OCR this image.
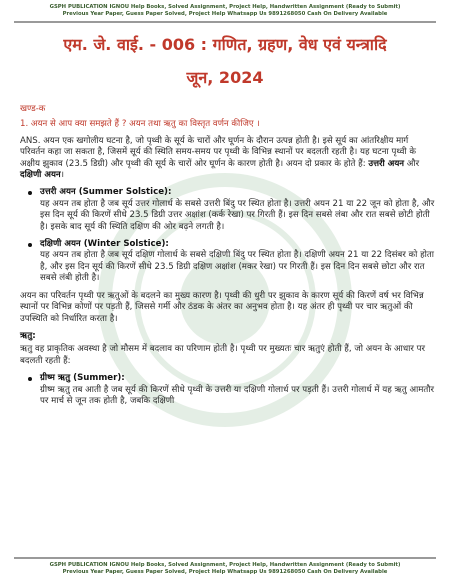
GSPH PUBLICATION IGNOU Help Books, Solved Assignment, Project Help, Handwritten Assignment (Ready to Submit)
Previous Year Paper, Guess Paper Solved, Project Help Whatsapp Us 9891268050 Cash On Delivery Available
एम. जे. वाई. - 006 : गणित, ग्रहण, वेध एवं यन्त्रादि
जून, 2024

खण्ड-क

1. अयन से आप क्या समझते हैं ? अयन तथा ऋतु का विस्तृत वर्णन कीजिए ।

ANS. अयन एक खगोलीय घटना है, जो पृथ्वी के सूर्य के चारों और घूर्णन के दौरान उत्पन्न होती है। इसे सूर्य का आंतरिक्षीय मार्ग परिवर्तन कहा जा सकता है, जिसमें सूर्य की स्थिति समय-समय पर पृथ्वी के विभिन्न स्थानों पर बदलती रहती है। यह घटना पृथ्वी के अक्षीय झुकाव (23.5 डिग्री) और पृथ्वी की सूर्य के चारों ओर घूर्णन के कारण होती है। अयन दो प्रकार के होते हैं: उत्तरी अयन और दक्षिणी अयन।

उत्तरी अयन (Summer Solstice):
यह अयन तब होता है जब सूर्य उत्तर गोलार्ध के सबसे उत्तरी बिंदु पर स्थित होता है। उत्तरी अयन 21 या 22 जून को होता है, और इस दिन सूर्य की किरणें सीधे 23.5 डिग्री उत्तर अक्षांश (कर्क रेखा) पर गिरती हैं। इस दिन सबसे लंबा और रात सबसे छोटी होती है। इसके बाद सूर्य की स्थिति दक्षिण की ओर बढ़ने लगती है।
दक्षिणी अयन (Winter Solstice):
यह अयन तब होता है जब सूर्य दक्षिण गोलार्ध के सबसे दक्षिणी बिंदु पर स्थित होता है। दक्षिणी अयन 21 या 22 दिसंबर को होता है, और इस दिन सूर्य की किरणें सीधे 23.5 डिग्री दक्षिण अक्षांश (मकर रेखा) पर गिरती हैं। इस दिन दिन सबसे छोटा और रात सबसे लंबी होती है।

अयन का परिवर्तन पृथ्वी पर ऋतुओं के बदलने का मुख्य कारण है। पृथ्वी की धुरी पर झुकाव के कारण सूर्य की किरणें वर्ष भर विभिन्न स्थानों पर विभिन्न कोणों पर पड़ती हैं, जिससे गर्मी और ठंडक के अंतर का अनुभव होता है। यह अंतर ही पृथ्वी पर चार ऋतुओं की उपस्थिति को निर्धारित करता है।

ऋतु:

ऋतु वह प्राकृतिक अवस्था है जो मौसम में बदलाव का परिणाम होती है। पृथ्वी पर मुख्यतः चार ऋतुएं होती हैं, जो अयन के आधार पर बदलती रहती हैं:

ग्रीष्म ऋतु (Summer):
ग्रीष्म ऋतु तब आती है जब सूर्य की किरणें सीधे पृथ्वी के उत्तरी या दक्षिणी गोलार्ध पर पड़ती हैं। उत्तरी गोलार्ध में यह ऋतु आमतौर पर मार्च से जून तक होती है, जबकि दक्षिणी
GSPH PUBLICATION IGNOU Help Books, Solved Assignment, Project Help, Handwritten Assignment (Ready to Submit)
Previous Year Paper, Guess Paper Solved, Project Help Whatsapp Us 9891268050 Cash On Delivery Available
